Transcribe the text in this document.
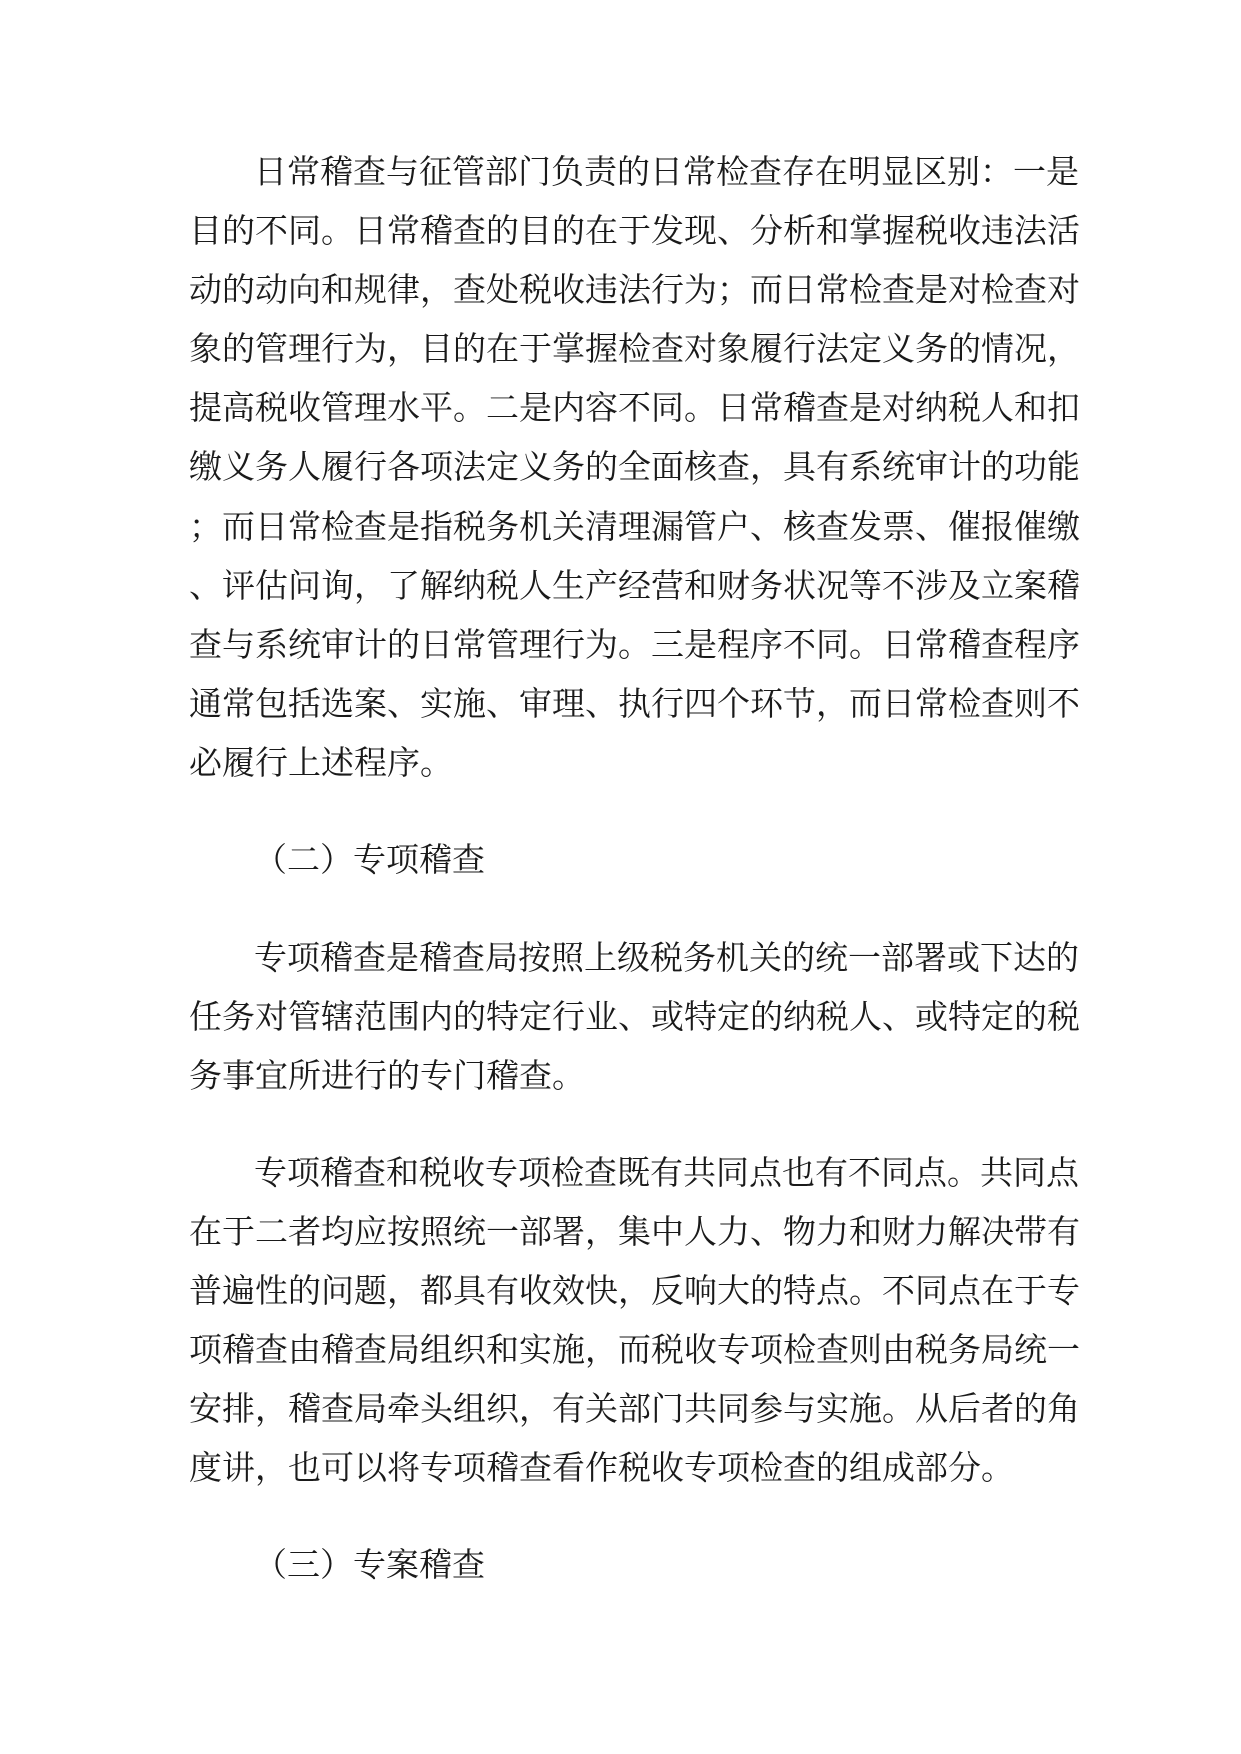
日常稽查与征管部门负责的日常检查存在明显区别：一是

目的不同。日常稽查的目的在于发现、分析和掌握税收违法活

动的动向和规律，查处税收违法行为；而日常检查是对检查对

象的管理行为，目的在于掌握检查对象履行法定义务的情况，

提高税收管理水平。二是内容不同。日常稽查是对纳税人和扣

缴义务人履行各项法定义务的全面核查，具有系统审计的功能

；而日常检查是指税务机关清理漏管户、核查发票、催报催缴

、评估问询，了解纳税人生产经营和财务状况等不涉及立案稽

查与系统审计的日常管理行为。三是程序不同。日常稽查程序

通常包括选案、实施、审理、执行四个环节，而日常检查则不

必履行上述程序。

（二）专项稽查

专项稽查是稽查局按照上级税务机关的统一部署或下达的

任务对管辖范围内的特定行业、或特定的纳税人、或特定的税

务事宜所进行的专门稽查。

专项稽查和税收专项检查既有共同点也有不同点。共同点

在于二者均应按照统一部署，集中人力、物力和财力解决带有

普遍性的问题，都具有收效快，反响大的特点。不同点在于专

项稽查由稽查局组织和实施，而税收专项检查则由税务局统一

安排，稽查局牵头组织，有关部门共同参与实施。从后者的角

度讲，也可以将专项稽查看作税收专项检查的组成部分。

（三）专案稽查
